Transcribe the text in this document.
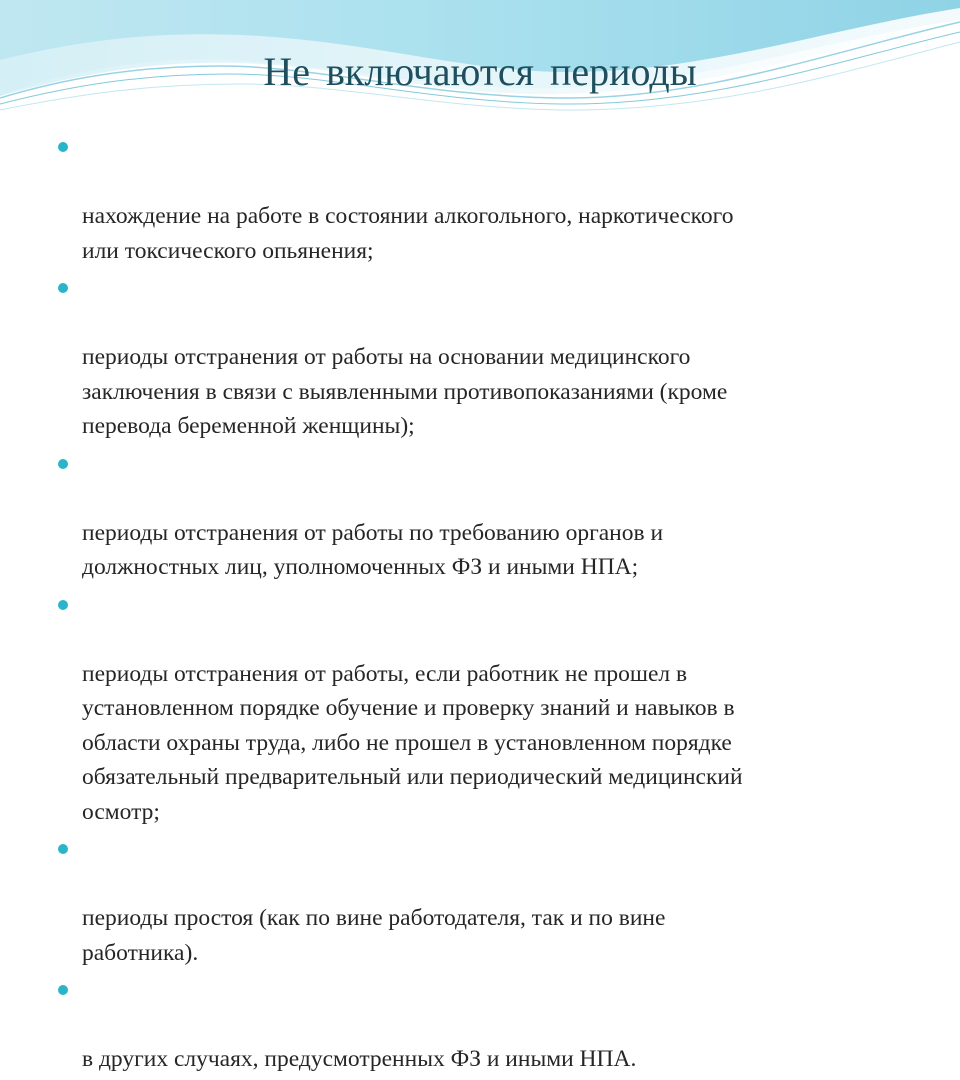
Не включаются периоды

нахождение на работе в состоянии алкогольного, наркотического
или токсического опьянения;

периоды отстранения от работы на основании медицинского
заключения в связи с выявленными противопоказаниями (кроме
перевода беременной женщины);

периоды отстранения от работы по требованию органов и
должностных лиц, уполномоченных ФЗ и иными НПА;

периоды отстранения от работы, если работник не прошел в
установленном порядке обучение и проверку знаний и навыков в
области охраны труда, либо не прошел в установленном порядке
обязательный предварительный или периодический медицинский
осмотр;

периоды простоя (как по вине работодателя, так и по вине
работника).

в других случаях, предусмотренных ФЗ и иными НПА.
